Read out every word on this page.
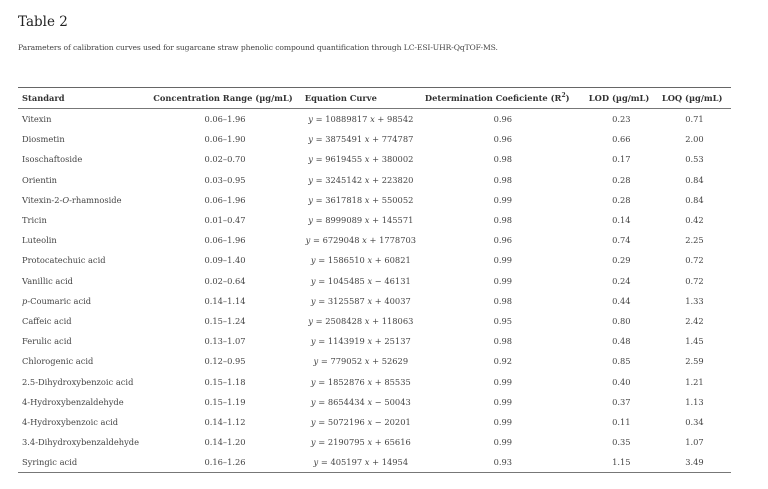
Table 2
Parameters of calibration curves used for sugarcane straw phenolic compound quantification through LC-ESI-UHR-QqTOF-MS.
Standard	Concentration Range (µg/mL)	Equation Curve	Determination Coeficiente $(R^2)$	LOD (µg/mL)	LOQ (µg/mL)
Vitexin	0.06–1.96	y = 10889817 x + 98542	0.96	0.23	0.71
Diosmetin	0.06–1.90	y = 3875491 x + 774787	0.96	0.66	2.00
Isoschaftoside	0.02–0.70	y = 9619455 x + 380002	0.98	0.17	0.53
Orientin	0.03–0.95	y = 3245142 x + 223820	0.98	0.28	0.84
Vitexin-2-O-rhamnoside	0.06–1.96	y = 3617818 x + 550052	0.99	0.28	0.84
Tricin	0.01–0.47	y = 8999089 x + 145571	0.98	0.14	0.42
Luteolin	0.06–1.96	y = 6729048 x + 1778703	0.96	0.74	2.25
Protocatechuic acid	0.09–1.40	y = 1586510 x + 60821	0.99	0.29	0.72
Vanillic acid	0.02–0.64	y = 1045485 x − 46131	0.99	0.24	0.72
p-Coumaric acid	0.14–1.14	y = 3125587 x + 40037	0.98	0.44	1.33
Caffeic acid	0.15–1.24	y = 2508428 x + 118063	0.95	0.80	2.42
Ferulic acid	0.13–1.07	y = 1143919 x + 25137	0.98	0.48	1.45
Chlorogenic acid	0.12–0.95	y = 779052 x + 52629	0.92	0.85	2.59
2.5-Dihydroxybenzoic acid	0.15–1.18	y = 1852876 x + 85535	0.99	0.40	1.21
4-Hydroxybenzaldehyde	0.15–1.19	y = 8654434 x − 50043	0.99	0.37	1.13
4-Hydroxybenzoic acid	0.14–1.12	y = 5072196 x − 20201	0.99	0.11	0.34
3.4-Dihydroxybenzaldehyde	0.14–1.20	y = 2190795 x + 65616	0.99	0.35	1.07
Syringic acid	0.16–1.26	y = 405197 x + 14954	0.93	1.15	3.49
